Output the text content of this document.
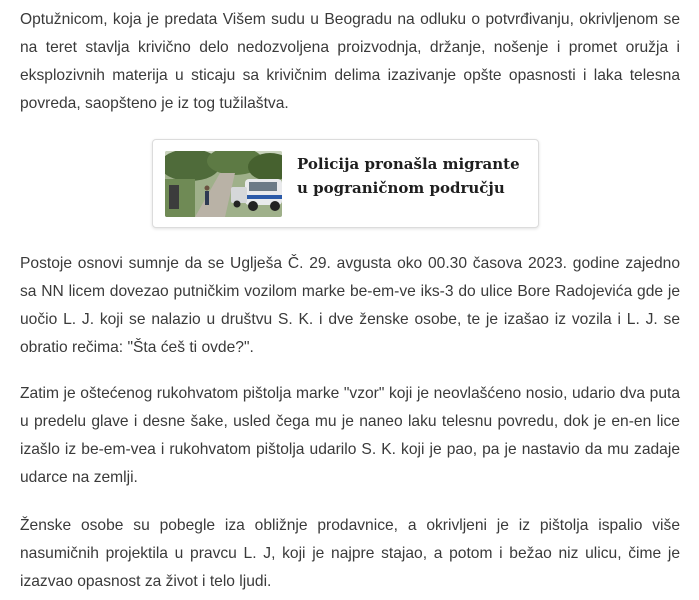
Optužnicom, koja je predata Višem sudu u Beogradu na odluku o potvrđivanju, okrivljenom se na teret stavlja krivično delo nedozvoljena proizvodnja, držanje, nošenje i promet oružja i eksplozivnih materija u sticaju sa krivičnim delima izazivanje opšte opasnosti i laka telesna povreda, saopšteno je iz tog tužilaštva.

Policija pronašla migrante u pograničnom području

Postoje osnovi sumnje da se Uglješa Č. 29. avgusta oko 00.30 časova 2023. godine zajedno sa NN licem dovezao putničkim vozilom marke be-em-ve iks-3 do ulice Bore Radojevića gde je uočio L. J. koji se nalazio u društvu S. K. i dve ženske osobe, te je izašao iz vozila i L. J. se obratio rečima: "Šta ćeš ti ovde?".

Zatim je oštećenog rukohvatom pištolja marke "vzor" koji je neovlašćeno nosio, udario dva puta u predelu glave i desne šake, usled čega mu je naneo laku telesnu povredu, dok je en-en lice izašlo iz be-em-vea i rukohvatom pištolja udarilo S. K. koji je pao, pa je nastavio da mu zadaje udarce na zemlji.

Ženske osobe su pobegle iza obližnje prodavnice, a okrivljeni je iz pištolja ispalio više nasumičnih projektila u pravcu L. J, koji je najpre stajao, a potom i bežao niz ulicu, čime je izazvao opasnost za život i telo ljudi.
